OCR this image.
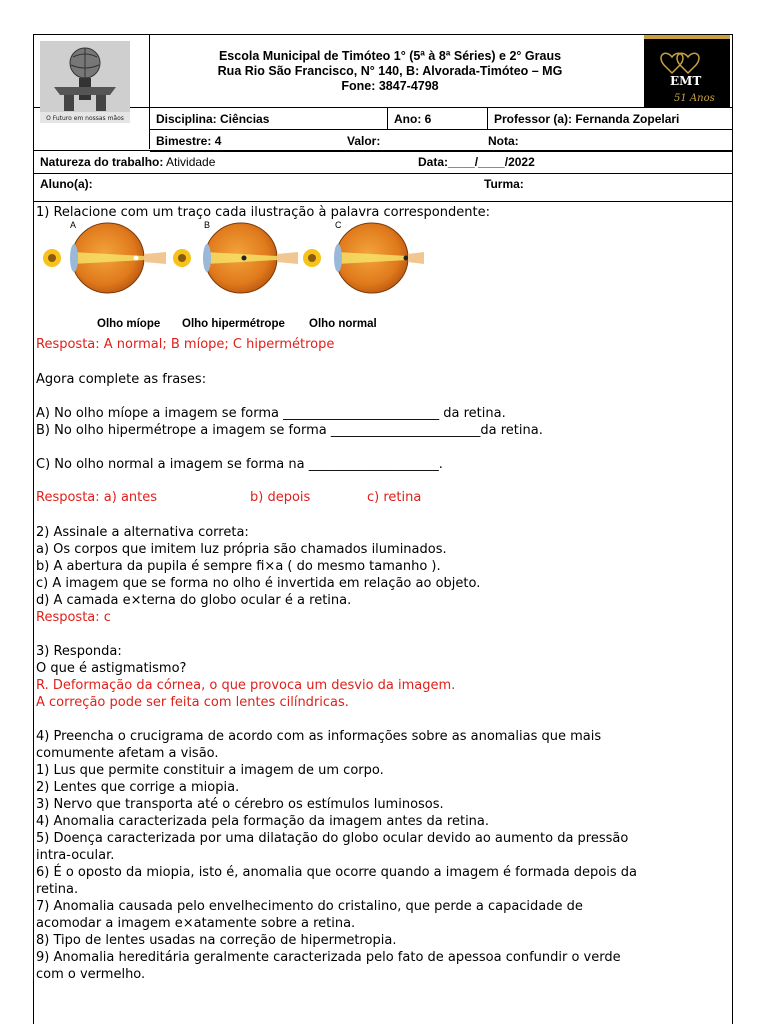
O Futuro em nossas mãos
Escola Municipal de Timóteo 1° (5ª à 8ª Séries) e 2° Graus
Rua Rio São Francisco, N° 140, B: Alvorada-Timóteo – MG
Fone: 3847-4798	EMT
51 Anos
Disciplina: Ciências	Ano: 6	Professor (a): Fernanda Zopelari
Bimestre: 4	Valor:	Nota:
Natureza do trabalho: Atividade	Data:____/____/2022
Aluno(a):	Turma:
1) Relacione com um traço cada ilustração à palavra correspondente:
A	B	C
Olho míope Olho hipermétrope Olho normal
Resposta: A normal; B míope; C hipermétrope
Agora complete as frases:
A) No olho míope a imagem se forma ________________________ da retina.
B) No olho hipermétrope a imagem se forma _______________________da retina.
C) No olho normal a imagem se forma na ____________________.
Resposta: a) antes	b) depois	c) retina
2) Assinale a alternativa correta:
a) Os corpos que imitem luz própria são chamados iluminados.
b) A abertura da pupila é sempre fi×a ( do mesmo tamanho ).
c) A imagem que se forma no olho é invertida em relação ao objeto.
d) A camada e×terna do globo ocular é a retina.
Resposta: c
3) Responda:
O que é astigmatismo?
R. Deformação da córnea, o que provoca um desvio da imagem.
A correção pode ser feita com lentes cilíndricas.
4) Preencha o crucigrama de acordo com as informações sobre as anomalias que mais
comumente afetam a visão.
1) Lus que permite constituir a imagem de um corpo.
2) Lentes que corrige a miopia.
3) Nervo que transporta até o cérebro os estímulos luminosos.
4) Anomalia caracterizada pela formação da imagem antes da retina.
5) Doença caracterizada por uma dilatação do globo ocular devido ao aumento da pressão
intra-ocular.
6) É o oposto da miopia, isto é, anomalia que ocorre quando a imagem é formada depois da
retina.
7) Anomalia causada pelo envelhecimento do cristalino, que perde a capacidade de
acomodar a imagem e×atamente sobre a retina.
8) Tipo de lentes usadas na correção de hipermetropia.
9) Anomalia hereditária geralmente caracterizada pelo fato de apessoa confundir o verde
com o vermelho.
